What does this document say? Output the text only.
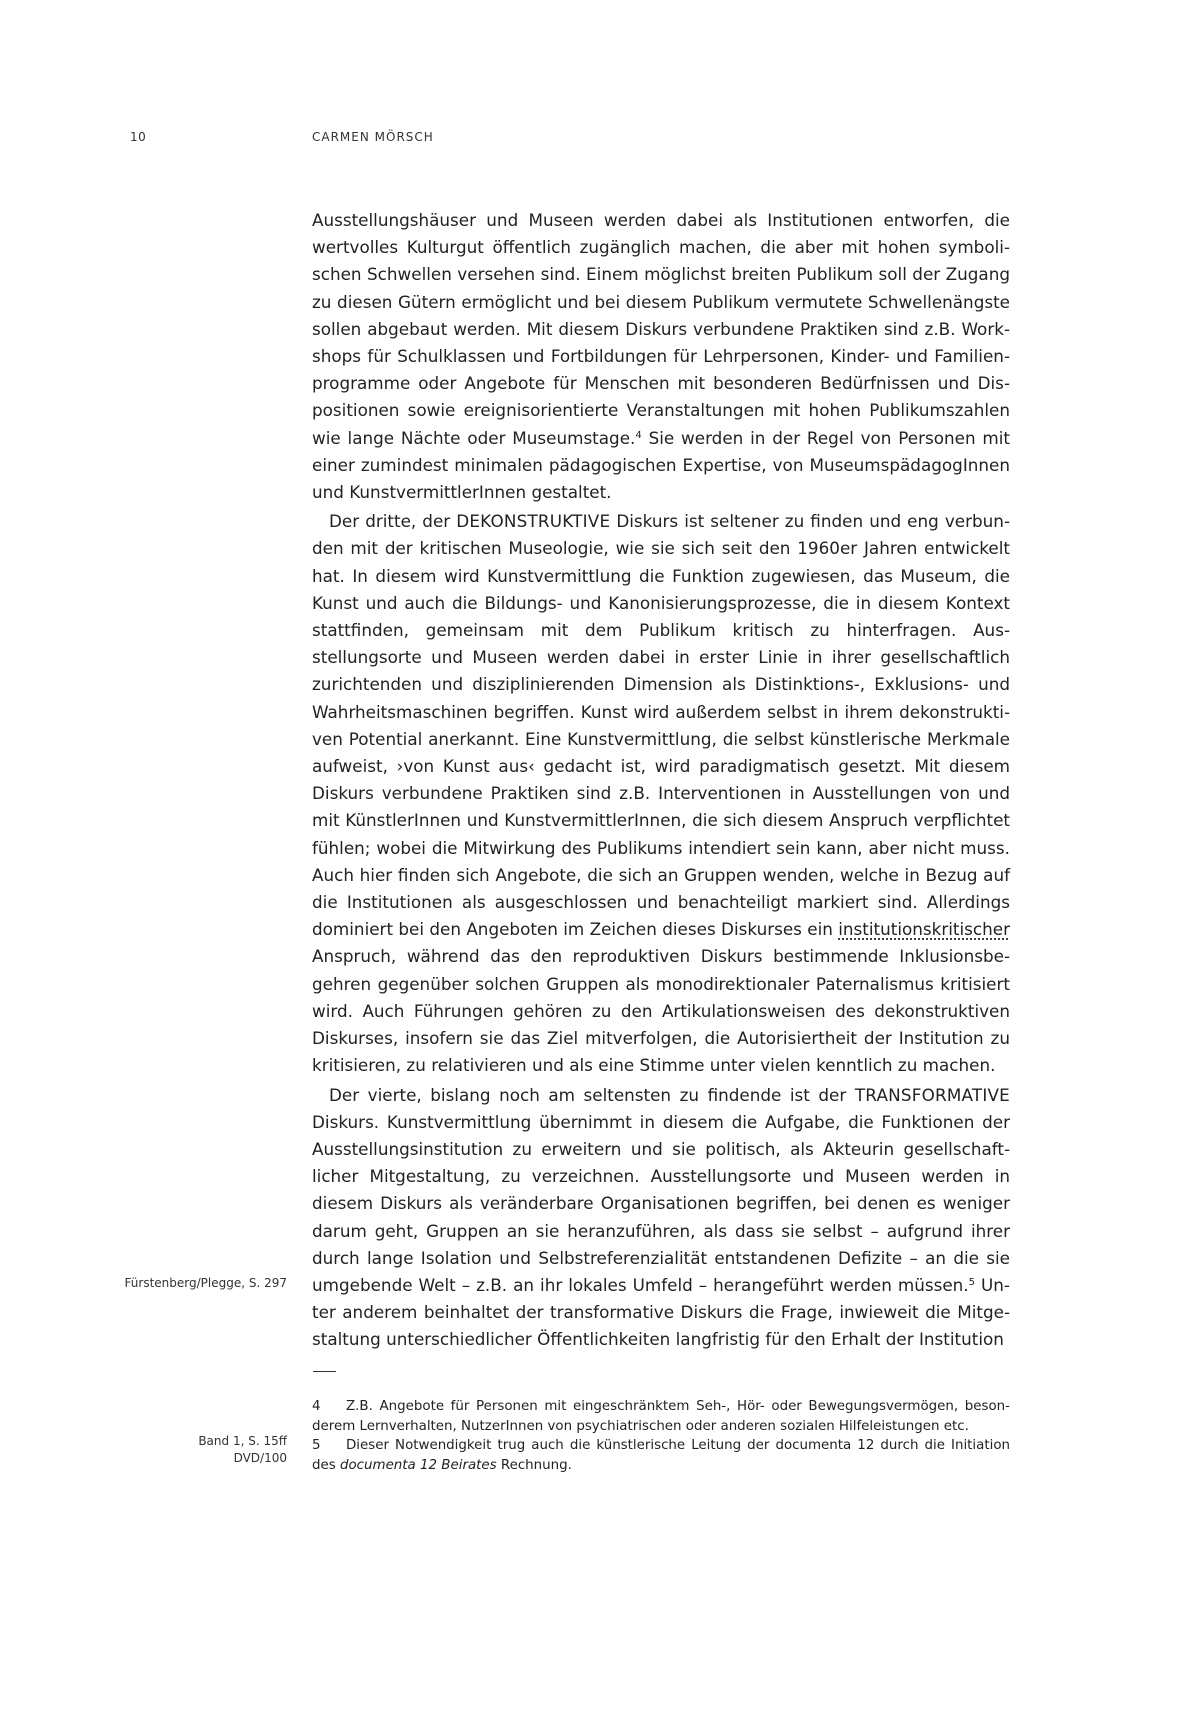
10	CARMEN MÖRSCH

Ausstellungshäuser und Museen werden dabei als Institutionen entworfen, die wertvolles Kulturgut öffentlich zugänglich machen, die aber mit hohen symbolischen Schwellen versehen sind. Einem möglichst breiten Publikum soll der Zugang zu diesen Gütern ermöglicht und bei diesem Publikum vermutete Schwellenängste sollen abgebaut werden. Mit diesem Diskurs verbundene Praktiken sind z.B. Workshops für Schulklassen und Fortbildungen für Lehrpersonen, Kinder- und Familienprogramme oder Angebote für Menschen mit besonderen Bedürfnissen und Dispositionen sowie ereignisorientierte Veranstaltungen mit hohen Publikumszahlen wie lange Nächte oder Museumstage.$^4$ Sie werden in der Regel von Personen mit einer zumindest minimalen pädagogischen Expertise, von MuseumspädagogInnen und KunstvermittlerInnen gestaltet.

Der dritte, der DEKONSTRUKTIVE Diskurs ist seltener zu finden und eng verbunden mit der kritischen Museologie, wie sie sich seit den 1960er Jahren entwickelt hat. In diesem wird Kunstvermittlung die Funktion zugewiesen, das Museum, die Kunst und auch die Bildungs- und Kanonisierungsprozesse, die in diesem Kontext stattfinden, gemeinsam mit dem Publikum kritisch zu hinterfragen. Ausstellungsorte und Museen werden dabei in erster Linie in ihrer gesellschaftlich zurichtenden und disziplinierenden Dimension als Distinktions-, Exklusions- und Wahrheitsmaschinen begriffen. Kunst wird außerdem selbst in ihrem dekonstruktiven Potential anerkannt. Eine Kunstvermittlung, die selbst künstlerische Merkmale aufweist, ›von Kunst aus‹ gedacht ist, wird paradigmatisch gesetzt. Mit diesem Diskurs verbundene Praktiken sind z.B. Interventionen in Ausstellungen von und mit KünstlerInnen und KunstvermittlerInnen, die sich diesem Anspruch verpflichtet fühlen; wobei die Mitwirkung des Publikums intendiert sein kann, aber nicht muss. Auch hier finden sich Angebote, die sich an Gruppen wenden, welche in Bezug auf die Institutionen als ausgeschlossen und benachteiligt markiert sind. Allerdings dominiert bei den Angeboten im Zeichen dieses Diskurses ein institutionskritischer Anspruch, während das den reproduktiven Diskurs bestimmende Inklusionsbegehren gegenüber solchen Gruppen als monodirektionaler Paternalismus kritisiert wird. Auch Führungen gehören zu den Artikulationsweisen des dekonstruktiven Diskurses, insofern sie das Ziel mitverfolgen, die Autorisiertheit der Institution zu kritisieren, zu relativieren und als eine Stimme unter vielen kenntlich zu machen.

Der vierte, bislang noch am seltensten zu findende ist der TRANSFORMATIVE Diskurs. Kunstvermittlung übernimmt in diesem die Aufgabe, die Funktionen der Ausstellungsinstitution zu erweitern und sie politisch, als Akteurin gesellschaftlicher Mitgestaltung, zu verzeichnen. Ausstellungsorte und Museen werden in diesem Diskurs als veränderbare Organisationen begriffen, bei denen es weniger darum geht, Gruppen an sie heranzuführen, als dass sie selbst – aufgrund ihrer durch lange Isolation und Selbstreferenzialität entstandenen Defizite – an die sie umgebende Welt – z.B. an ihr lokales Umfeld – herangeführt werden müssen.$^5$ Unter anderem beinhaltet der transformative Diskurs die Frage, inwieweit die Mitgestaltung unterschiedlicher Öffentlichkeiten langfristig für den Erhalt der Institution

Fürstenberg/Plegge, S. 297
Band 1, S. 15ff
DVD/100

4 Z.B. Angebote für Personen mit eingeschränktem Seh-, Hör- oder Bewegungsvermögen, besonderem Lernverhalten, NutzerInnen von psychiatrischen oder anderen sozialen Hilfeleistungen etc.

5 Dieser Notwendigkeit trug auch die künstlerische Leitung der documenta 12 durch die Initiation des documenta 12 Beirates Rechnung.
